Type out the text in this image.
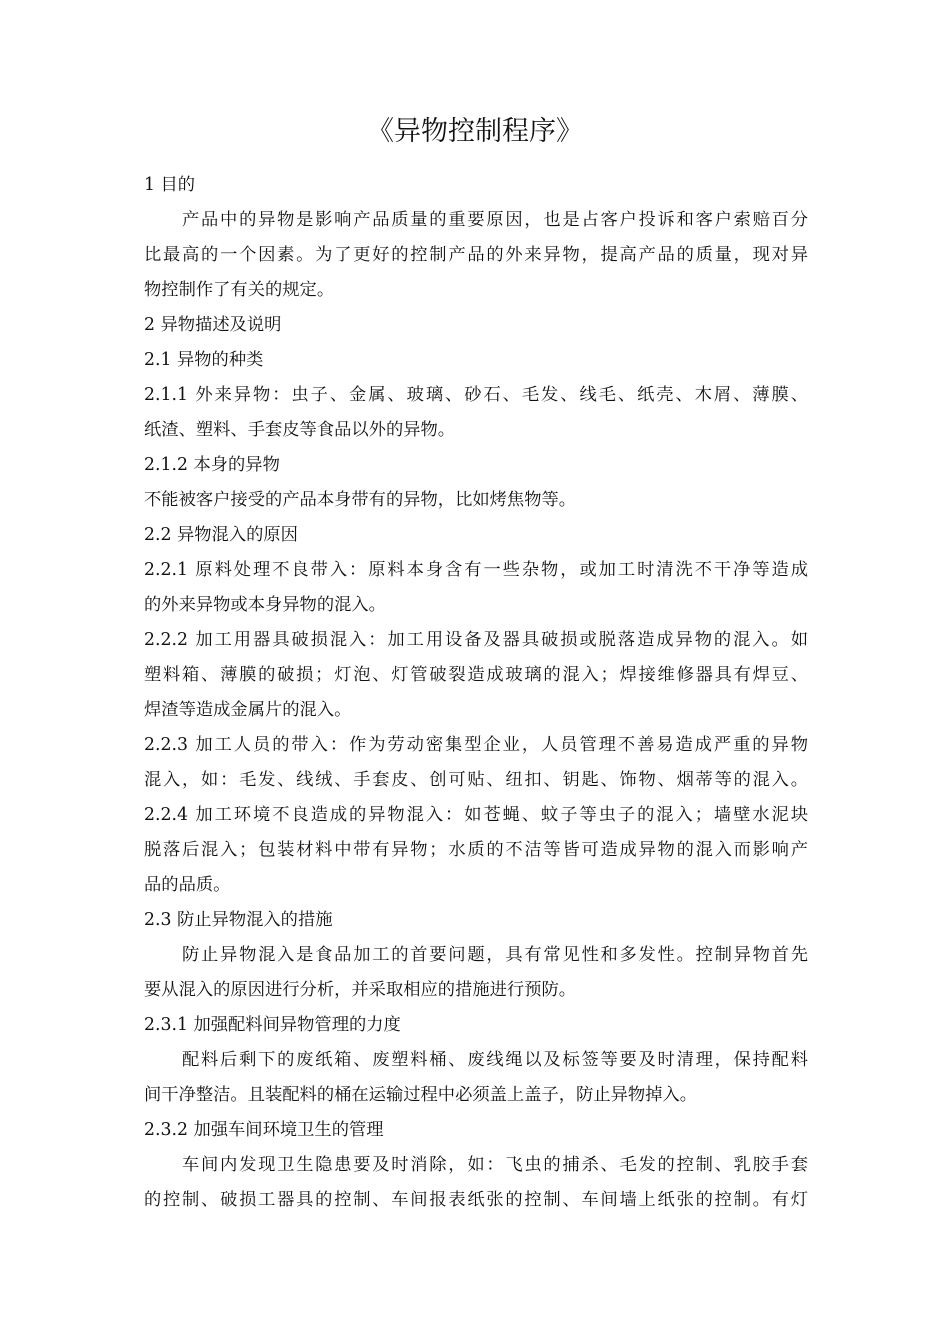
《异物控制程序》
1 目的
产品中的异物是影响产品质量的重要原因，也是占客户投诉和客户索赔百分
比最高的一个因素。为了更好的控制产品的外来异物，提高产品的质量，现对异
物控制作了有关的规定。
2 异物描述及说明
2.1 异物的种类
2.1.1 外来异物：虫子、金属、玻璃、砂石、毛发、线毛、纸壳、木屑、薄膜、
纸渣、塑料、手套皮等食品以外的异物。
2.1.2 本身的异物
不能被客户接受的产品本身带有的异物，比如烤焦物等。
2.2 异物混入的原因
2.2.1 原料处理不良带入：原料本身含有一些杂物，或加工时清洗不干净等造成
的外来异物或本身异物的混入。
2.2.2 加工用器具破损混入：加工用设备及器具破损或脱落造成异物的混入。如
塑料箱、薄膜的破损；灯泡、灯管破裂造成玻璃的混入；焊接维修器具有焊豆、
焊渣等造成金属片的混入。
2.2.3 加工人员的带入：作为劳动密集型企业，人员管理不善易造成严重的异物
混入，如：毛发、线绒、手套皮、创可贴、纽扣、钥匙、饰物、烟蒂等的混入。
2.2.4 加工环境不良造成的异物混入：如苍蝇、蚊子等虫子的混入；墙壁水泥块
脱落后混入；包装材料中带有异物；水质的不洁等皆可造成异物的混入而影响产
品的品质。
2.3 防止异物混入的措施
防止异物混入是食品加工的首要问题，具有常见性和多发性。控制异物首先
要从混入的原因进行分析，并采取相应的措施进行预防。
2.3.1 加强配料间异物管理的力度
配料后剩下的废纸箱、废塑料桶、废线绳以及标签等要及时清理，保持配料
间干净整洁。且装配料的桶在运输过程中必须盖上盖子，防止异物掉入。
2.3.2 加强车间环境卫生的管理
车间内发现卫生隐患要及时消除，如：飞虫的捕杀、毛发的控制、乳胶手套
的控制、破损工器具的控制、车间报表纸张的控制、车间墙上纸张的控制。有灯
